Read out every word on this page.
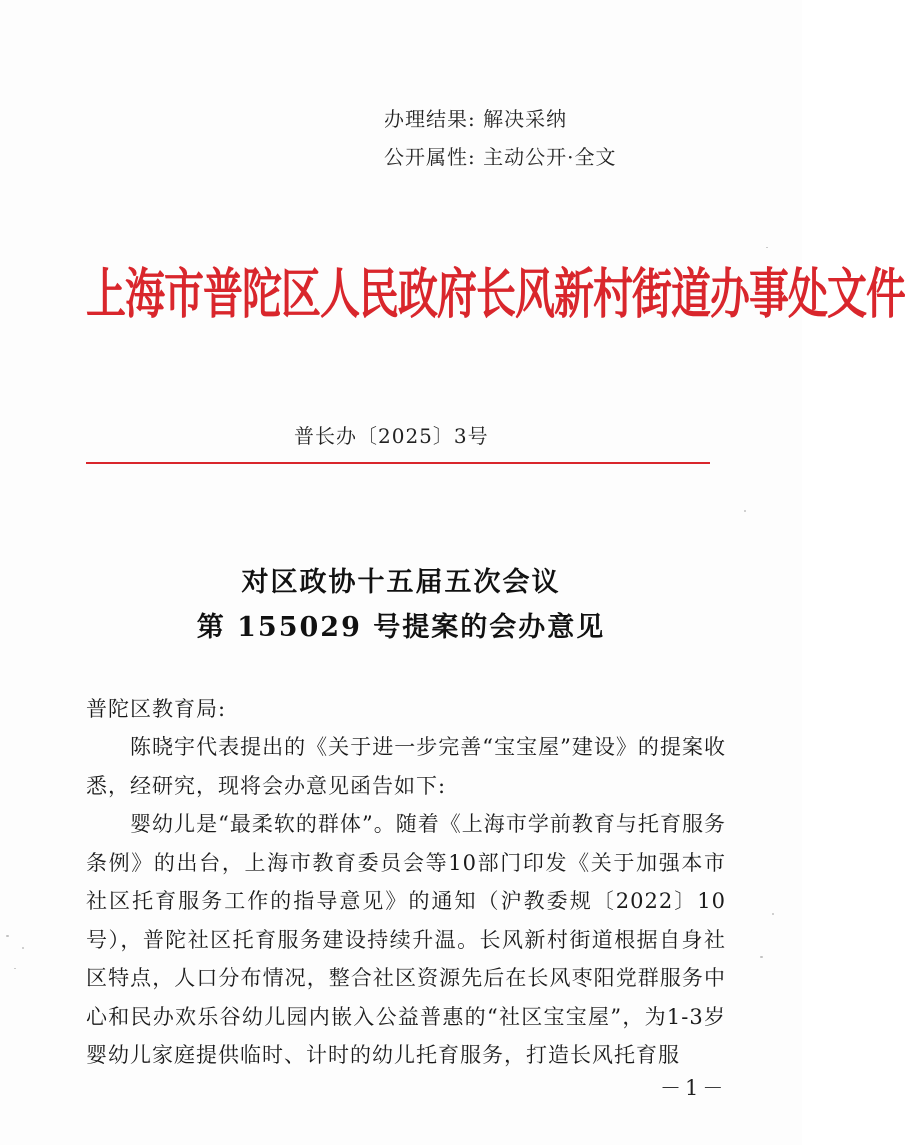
办理结果: 解决采纳
公开属性: 主动公开·全文
上海市普陀区人民政府长风新村街道办事处文件
普长办〔2025〕3号
对区政协十五届五次会议
第 155029 号提案的会办意见
普陀区教育局:
陈晓宇代表提出的《关于进一步完善“宝宝屋”建设》的提案收悉，经研究，现将会办意见函告如下:
婴幼儿是“最柔软的群体”。随着《上海市学前教育与托育服务条例》的出台，上海市教育委员会等10部门印发《关于加强本市社区托育服务工作的指导意见》的通知（沪教委规〔2022〕10号），普陀社区托育服务建设持续升温。长风新村街道根据自身社区特点，人口分布情况，整合社区资源先后在长风枣阳党群服务中心和民办欢乐谷幼儿园内嵌入公益普惠的“社区宝宝屋”，为1-3岁婴幼儿家庭提供临时、计时的幼儿托育服务，打造长风托育服
－1－
